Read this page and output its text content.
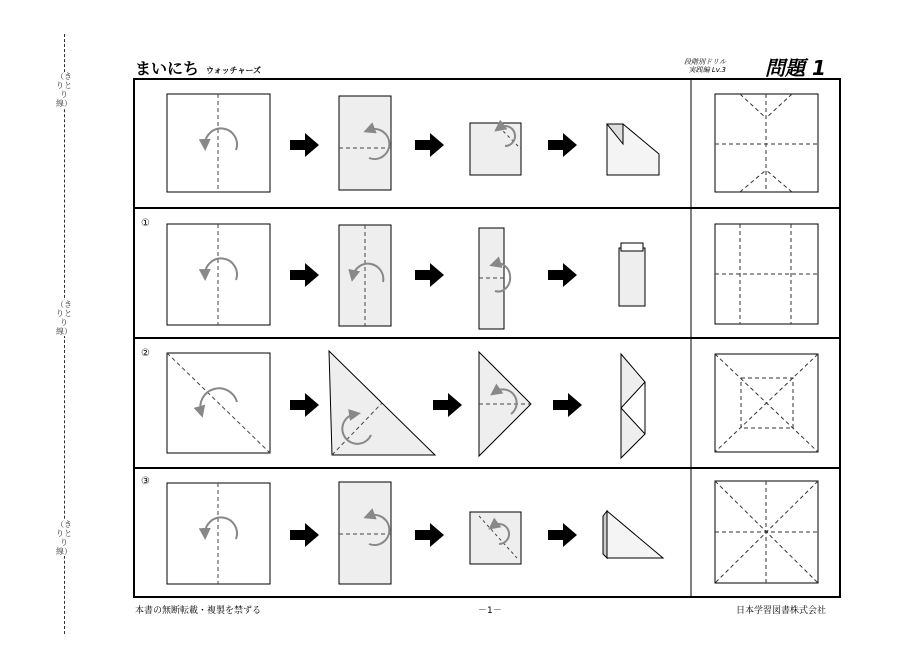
（きりとり線）
（きりとり線）
（きりとり線）
まいにち ウォッチャーズ
段階別ドリル
実践編 Lv.3 問題 1
①
②
③
本書の無断転載・複製を禁ずる	－1－	日本学習図書株式会社
